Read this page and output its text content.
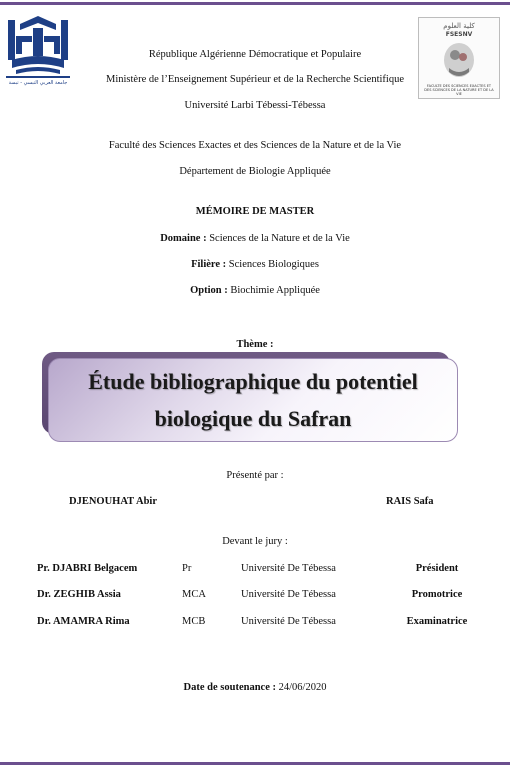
جامعة العربي التبسي - تبسة
كلية العلوم
FSESNV
FACULTE DES SCIENCES EXACTES ET DES SCIENCES DE LA NATURE ET DE LA VIE
République Algérienne Démocratique et Populaire
Ministère de l’Enseignement Supérieur et de la Recherche Scientifique
Université Larbi Tébessi-Tébessa
Faculté des Sciences Exactes et des Sciences de la Nature et de la Vie
Département de Biologie Appliquée
MÉMOIRE DE MASTER
Domaine : Sciences de la Nature et de la Vie
Filière : Sciences Biologiques
Option : Biochimie Appliquée
Thème :
Étude bibliographique du potentiel
biologique du Safran
Présenté par :
DJENOUHAT Abir	RAIS Safa
Devant le jury :
Pr. DJABRI Belgacem	Pr	Université De Tébessa	Président
Dr. ZEGHIB Assia	MCA	Université De Tébessa	Promotrice
Dr. AMAMRA Rima	MCB	Université De Tébessa	Examinatrice
Date de soutenance : 24/06/2020
